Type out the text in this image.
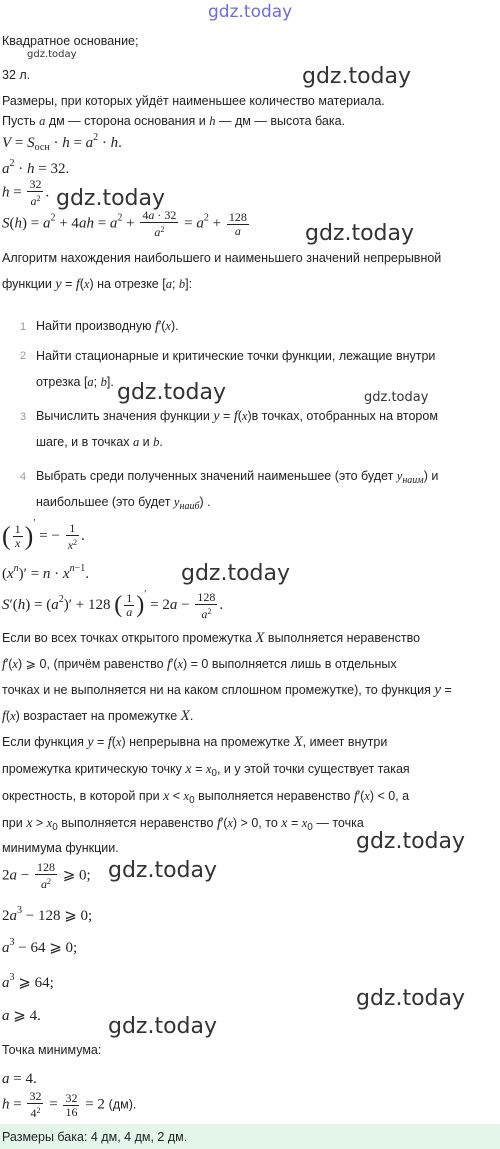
gdz.today
Квадратное основание;
gdz.today
32 л.	gdz.today
Размеры, при которых уйдёт наименьшее количество материала.
Пусть a дм — сторона основания и h — дм — высота бака.
$V = S_{осн} \cdot h = a^2 \cdot h$.
$a^2 \cdot h = 32$.
$h = \frac{32}{a^2}$ . gdz.today
$S(h) = a^2 + 4ah = a^2 + \frac{4a \cdot 32}{a^2} = a^2 + \frac{128}{a}$	gdz.today
Алгоритм нахождения наибольшего и наименьшего значений непрерывной
функции y = f(x) на отрезке [a; b]:
1 Найти производную f′(x).
2 Найти стационарные и критические точки функции, лежащие внутри
отрезка [a; b]. gdz.today	gdz.today
3 Вычислить значения функции y = f(x)в точках, отобранных на втором
шаге, и в точках a и b.
4 Выбрать среди полученных значений наименьшее (это будет $y_{наим}$) и
наибольшее (это будет $y_{наиб}$) .
( $\frac{1}{x} )'$ = − $\frac{1}{x^2}$ .
$(x^n)' = n \cdot x^{n-1}$.	gdz.today
$S'(h) = (a^2)' + 128$ ( $\frac{1}{a} )' = 2a - \frac{128}{a^2}$ .
Если во всех точках открытого промежутка X выполняется неравенство
f′(x) ⩾ 0, (причём равенство f′(x) = 0 выполняется лишь в отдельных
точках и не выполняется ни на каком сплошном промежутке), то функция y =
f(x) возрастает на промежутке X.
Если функция y = f(x) непрерывна на промежутке X, имеет внутри
промежутка критическую точку $x = x_0$, и у этой точки существует такая
окрестность, в которой при $x < x_0$ выполняется неравенство f′(x) < 0, а
при $x > x_0$ выполняется неравенство f′(x) > 0, то $x = x_0$ — точка
минимума функции.	gdz.today
$2a - \frac{128}{a^2}$ ⩾ 0; gdz.today
$2a^3 - 128$ ⩾ 0;
$a^3 - 64$ ⩾ 0;
$a^3$ ⩾ 64;
gdz.today
a ⩾ 4.	gdz.today
Точка минимума:
a = 4.
$h = \frac{32}{4^2} = \frac{32}{16} = 2$ (дм).
Размеры бака: 4 дм, 4 дм, 2 дм.
